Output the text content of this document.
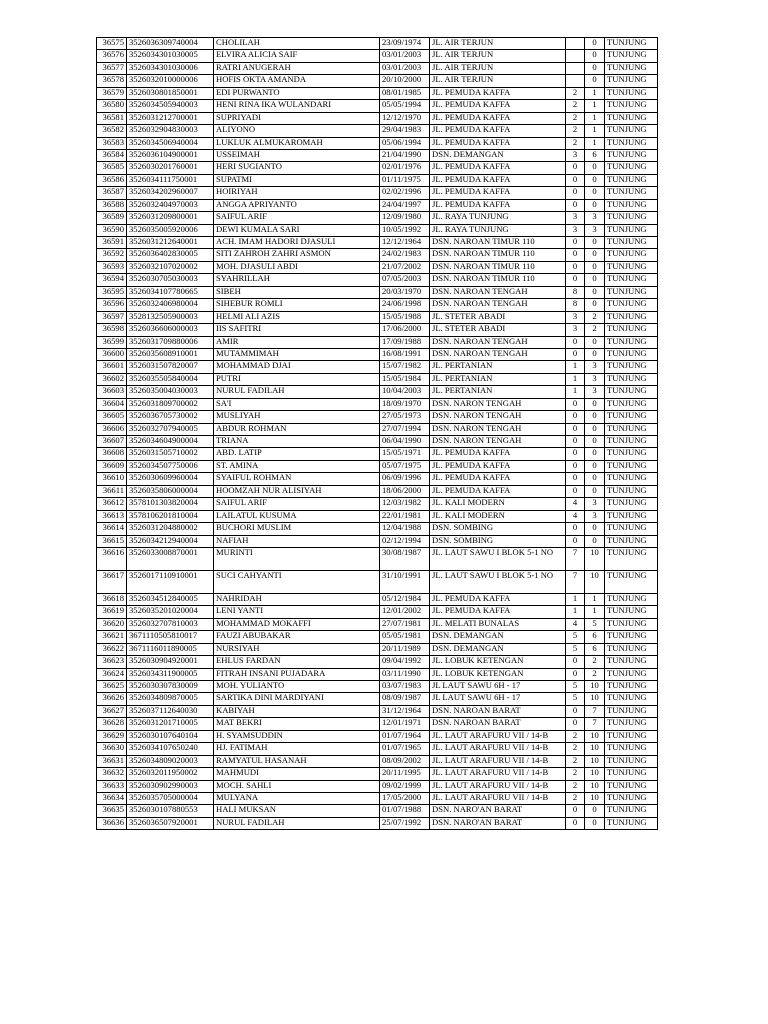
36575	3526036309740004	CHOLILAH	23/09/1974	JL. AIR TERJUN		0	TUNJUNG
36576	3526034301030005	ELVIRA ALICIA SAIF	03/01/2003	JL. AIR TERJUN		0	TUNJUNG
36577	3526034301030006	RATRI ANUGERAH	03/01/2003	JL. AIR TERJUN		0	TUNJUNG
36578	3526032010000006	HOFIS OKTA AMANDA	20/10/2000	JL. AIR TERJUN		0	TUNJUNG
36579	3526030801850001	EDI PURWANTO	08/01/1985	JL. PEMUDA KAFFA	2	1	TUNJUNG
36580	3526034505940003	HENI RINA IKA WULANDARI	05/05/1994	JL. PEMUDA KAFFA	2	1	TUNJUNG
36581	3526031212700001	SUPRIYADI	12/12/1970	JL. PEMUDA KAFFA	2	1	TUNJUNG
36582	3526032904830003	ALIYONO	29/04/1983	JL. PEMUDA KAFFA	2	1	TUNJUNG
36583	3526034506940004	LUKLUK ALMUKAROMAH	05/06/1994	JL. PEMUDA KAFFA	2	1	TUNJUNG
36584	3526036104900001	USSEIMAH	21/04/1990	DSN. DEMANGAN	3	6	TUNJUNG
36585	3526030201760001	HERI SUGIANTO	02/01/1976	JL. PEMUDA KAFFA	0	0	TUNJUNG
36586	3526034111750001	SUPATMI	01/11/1975	JL. PEMUDA KAFFA	0	0	TUNJUNG
36587	3526034202960007	HOIRIYAH	02/02/1996	JL. PEMUDA KAFFA	0	0	TUNJUNG
36588	3526032404970003	ANGGA APRIYANTO	24/04/1997	JL. PEMUDA KAFFA	0	0	TUNJUNG
36589	3526031209800001	SAIFUL ARIF	12/09/1980	JL. RAYA TUNJUNG	3	3	TUNJUNG
36590	3526035005920006	DEWI KUMALA SARI	10/05/1992	JL. RAYA TUNJUNG	3	3	TUNJUNG
36591	3526031212640001	ACH. IMAM HADORI DJASULI	12/12/1964	DSN. NAROAN TIMUR 110	0	0	TUNJUNG
36592	3526036402830005	SITI ZAHROH ZAHRI ASMON	24/02/1983	DSN. NAROAN TIMUR 110	0	0	TUNJUNG
36593	3526032107020002	MOH. DJASULI ABDI	21/07/2002	DSN. NAROAN TIMUR 110	0	0	TUNJUNG
36594	3526030705030003	SYAHRILLAH	07/05/2003	DSN. NAROAN TIMUR 110	0	0	TUNJUNG
36595	3526034107780665	SIBEH	20/03/1970	DSN. NAROAN TENGAH	8	0	TUNJUNG
36596	3526032406980004	SIHEBUR ROMLI	24/06/1998	DSN. NAROAN TENGAH	8	0	TUNJUNG
36597	3528132505900003	HELMI ALI AZIS	15/05/1988	JL. STETER ABADI	3	2	TUNJUNG
36598	3526036606000003	IIS SAFITRI	17/06/2000	JL. STETER ABADI	3	2	TUNJUNG
36599	3526031709880006	AMIR	17/09/1988	DSN. NAROAN TENGAH	0	0	TUNJUNG
36600	3526035608910001	MUTAMMIMAH	16/08/1991	DSN. NAROAN TENGAH	0	0	TUNJUNG
36601	3526031507820007	MOHAMMAD DJAI	15/07/1982	JL. PERTANIAN	1	3	TUNJUNG
36602	3526035505840004	PUTRI	15/05/1984	JL. PERTANIAN	1	3	TUNJUNG
36603	3526035004030003	NURUL FADILAH	10/04/2003	JL. PERTANIAN	1	3	TUNJUNG
36604	3526031809700002	SA'I	18/09/1970	DSN. NARON TENGAH	0	0	TUNJUNG
36605	3526036705730002	MUSLIYAH	27/05/1973	DSN. NARON TENGAH	0	0	TUNJUNG
36606	3526032707940005	ABDUR ROHMAN	27/07/1994	DSN. NARON TENGAH	0	0	TUNJUNG
36607	3526034604900004	TRIANA	06/04/1990	DSN. NARON TENGAH	0	0	TUNJUNG
36608	3526031505710002	ABD. LATIP	15/05/1971	JL. PEMUDA KAFFA	0	0	TUNJUNG
36609	3526034507750006	ST. AMINA	05/07/1975	JL. PEMUDA KAFFA	0	0	TUNJUNG
36610	3526030609960004	SYAIFUL ROHMAN	06/09/1996	JL. PEMUDA KAFFA	0	0	TUNJUNG
36611	3526035806000004	HOOMZAH NUR ALISIYAH	18/06/2000	JL. PEMUDA KAFFA	0	0	TUNJUNG
36612	3578101303820004	SAIFUL ARIF	12/03/1982	JL. KALI MODERN	4	3	TUNJUNG
36613	3578106201810004	LAILATUL KUSUMA	22/01/1981	JL. KALI MODERN	4	3	TUNJUNG
36614	3526031204880002	BUCHORI MUSLIM	12/04/1988	DSN. SOMBING	0	0	TUNJUNG
36615	3526034212940004	NAFIAH	02/12/1994	DSN. SOMBING	0	0	TUNJUNG
36616	3526033008870001	MURINTI	30/08/1987	JL. LAUT SAWU I BLOK 5-1 NO	7	10	TUNJUNG
36617	3526017110910001	SUCI CAHYANTI	31/10/1991	JL. LAUT SAWU I BLOK 5-1 NO	7	10	TUNJUNG
36618	3526034512840005	NAHRIDAH	05/12/1984	JL. PEMUDA KAFFA	1	1	TUNJUNG
36619	3526035201020004	LENI YANTI	12/01/2002	JL. PEMUDA KAFFA	1	1	TUNJUNG
36620	3526032707810003	MOHAMMAD MOKAFFI	27/07/1981	JL. MELATI BUNALAS	4	5	TUNJUNG
36621	3671110505810017	FAUZI ABUBAKAR	05/05/1981	DSN. DEMANGAN	5	6	TUNJUNG
36622	3671116011890005	NURSIYAH	20/11/1989	DSN. DEMANGAN	5	6	TUNJUNG
36623	3526030904920001	EHLUS FARDAN	09/04/1992	JL. LOBUK KETENGAN	0	2	TUNJUNG
36624	3526034311900005	FITRAH INSANI PUJADARA	03/11/1990	JL. LOBUK KETENGAN	0	2	TUNJUNG
36625	3526030307830009	MOH. YULIANTO	03/07/1983	JL LAUT SAWU 6H - 17	5	10	TUNJUNG
36626	3526034809870005	SARTIKA DINI MARDIYANI	08/09/1987	JL LAUT SAWU 6H - 17	5	10	TUNJUNG
36627	3526037112640030	KABIYAH	31/12/1964	DSN. NAROAN BARAT	0	7	TUNJUNG
36628	3526031201710005	MAT BEKRI	12/01/1971	DSN. NAROAN BARAT	0	7	TUNJUNG
36629	3526030107640104	H. SYAMSUDDIN	01/07/1964	JL. LAUT ARAFURU VII / 14-B	2	10	TUNJUNG
36630	3526034107650240	HJ. FATIMAH	01/07/1965	JL. LAUT ARAFURU VII / 14-B	2	10	TUNJUNG
36631	3526034809020003	RAMYATUL HASANAH	08/09/2002	JL. LAUT ARAFURU VII / 14-B	2	10	TUNJUNG
36632	3526032011950002	MAHMUDI	20/11/1995	JL. LAUT ARAFURU VII / 14-B	2	10	TUNJUNG
36633	3526030902990003	MOCH. SAHLI	09/02/1999	JL. LAUT ARAFURU VII / 14-B	2	10	TUNJUNG
36634	3526035705000004	MULYANA	17/05/2000	JL. LAUT ARAFURU VII / 14-B	2	10	TUNJUNG
36635	3526030107880553	HALI MUKSAN	01/07/1988	DSN. NARO'AN BARAT	0	0	TUNJUNG
36636	3526036507920001	NURUL FADILAH	25/07/1992	DSN. NARO'AN BARAT	0	0	TUNJUNG
